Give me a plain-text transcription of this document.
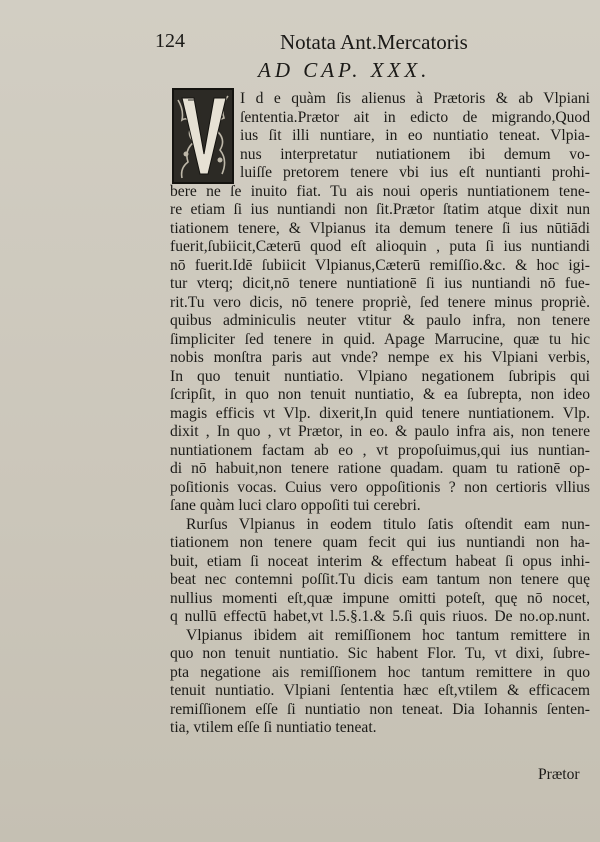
124	Notata Ant.Mercatoris
AD CAP. XXX.
I d e quàm ſis alienus à Prætoris & ab Vlpiani
ſententia.Prætor ait in edicto de migrando,Quod
ius ſit illi nuntiare, in eo nuntiatio teneat. Vlpia-
nus interpretatur nutiationem ibi demum vo-
luiſſe pretorem tenere vbi ius eſt nuntianti prohi-
bere ne ſe inuito fiat. Tu ais noui operis nuntiationem tene-
re etiam ſi ius nuntiandi non ſit.Prætor ſtatim atque dixit nun
tiationem tenere, & Vlpianus ita demum tenere ſi ius nūtiādi
fuerit,ſubiicit,Cæterū quod eſt alioquin , puta ſi ius nuntiandi
nō fuerit.Idē ſubiicit Vlpianus,Cæterū remiſſio.&c. & hoc igi-
tur vterq; dicit,nō tenere nuntiationē ſi ius nuntiandi nō fue-
rit.Tu vero dicis, nō tenere propriè, ſed tenere minus propriè.
quibus adminiculis neuter vtitur & paulo infra, non tenere
ſimpliciter ſed tenere in quid. Apage Marrucine, quæ tu hic
nobis monſtra paris aut vnde? nempe ex his Vlpiani verbis,
In quo tenuit nuntiatio. Vlpiano negationem ſubripis qui
ſcripſit, in quo non tenuit nuntiatio, & ea ſubrepta, non ideo
magis efficis vt Vlp. dixerit,In quid tenere nuntiationem. Vlp.
dixit , In quo , vt Prætor, in eo. & paulo infra ais, non tenere
nuntiationem factam ab eo , vt propoſuimus,qui ius nuntian-
di nō habuit,non tenere ratione quadam. quam tu rationē op-
poſitionis vocas. Cuius vero oppoſitionis ? non certioris vllius
ſane quàm luci claro oppoſiti tui cerebri.
Rurſus Vlpianus in eodem titulo ſatis oſtendit eam nun-
tiationem non tenere quam fecit qui ius nuntiandi non ha-
buit, etiam ſi noceat interim & effectum habeat ſi opus inhi-
beat nec contemni poſſit.Tu dicis eam tantum non tenere quę
nullius momenti eſt,quæ impune omitti poteſt, quę nō nocet,
q nullū effectū habet,vt l.5.§.1.& 5.ſi quis riuos. De no.op.nunt.
Vlpianus ibidem ait remiſſionem hoc tantum remittere in
quo non tenuit nuntiatio. Sic habent Flor. Tu, vt dixi, ſubre-
pta negatione ais remiſſionem hoc tantum remittere in quo
tenuit nuntiatio. Vlpiani ſententia hæc eſt,vtilem & efficacem
remiſſionem eſſe ſi nuntiatio non teneat. Dia Iohannis ſenten-
tia, vtilem eſſe ſi nuntiatio teneat.
Prætor
